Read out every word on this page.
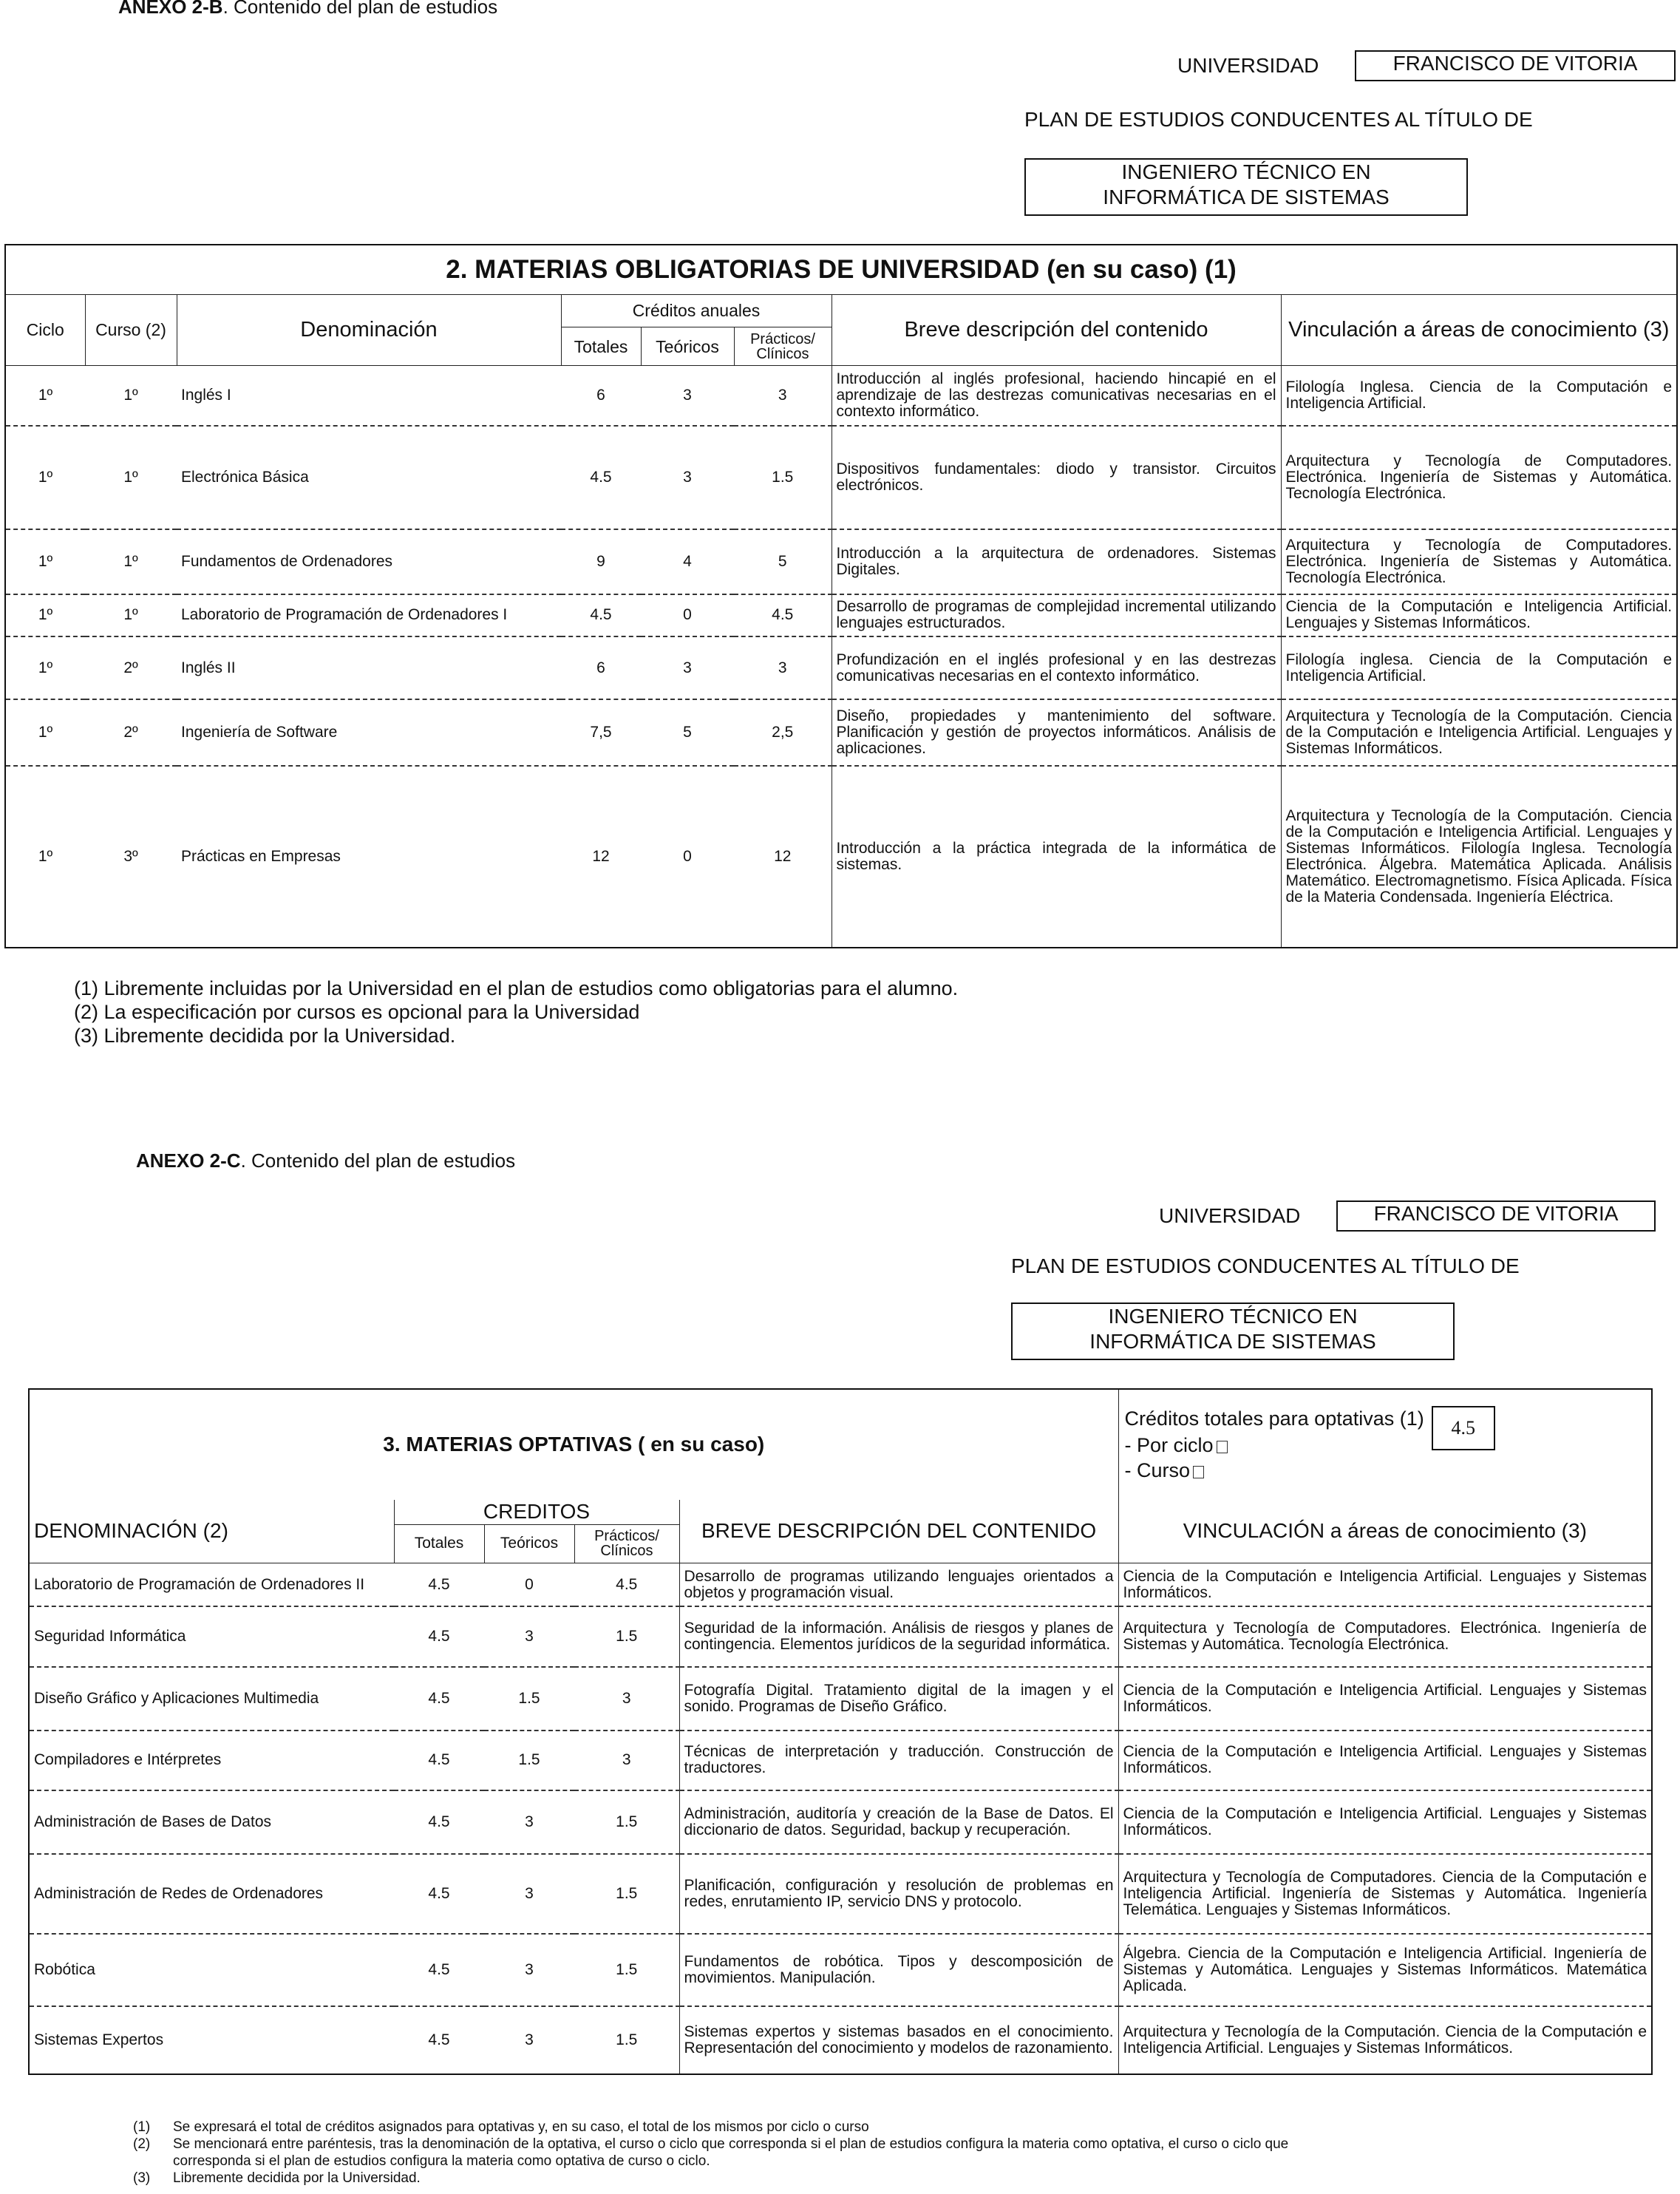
ANEXO 2-B. Contenido del plan de estudios
UNIVERSIDAD	FRANCISCO DE VITORIA
PLAN DE ESTUDIOS CONDUCENTES AL TÍTULO DE
INGENIERO TÉCNICO EN
INFORMÁTICA DE SISTEMAS
2. MATERIAS OBLIGATORIAS DE UNIVERSIDAD (en su caso) (1)							
Ciclo	Curso (2)	Denominación	Créditos anuales			Breve descripción del contenido	Vinculación a áreas de conocimiento (3)
			Totales	Teóricos	Prácticos/ Clínicos		
1º	1º	Inglés I	6	3	3	Introducción al inglés profesional, haciendo hincapié en el aprendizaje de las destrezas comunicativas necesarias en el contexto informático.	Filología Inglesa. Ciencia de la Computación e Inteligencia Artificial.
1º	1º	Electrónica Básica	4.5	3	1.5	Dispositivos fundamentales: diodo y transistor. Circuitos electrónicos.	Arquitectura y Tecnología de Computadores. Electrónica. Ingeniería de Sistemas y Automática. Tecnología Electrónica.
1º	1º	Fundamentos de Ordenadores	9	4	5	Introducción a la arquitectura de ordenadores. Sistemas Digitales.	Arquitectura y Tecnología de Computadores. Electrónica. Ingeniería de Sistemas y Automática. Tecnología Electrónica.
1º	1º	Laboratorio de Programación de Ordenadores I	4.5	0	4.5	Desarrollo de programas de complejidad incremental utilizando lenguajes estructurados.	Ciencia de la Computación e Inteligencia Artificial. Lenguajes y Sistemas Informáticos.
1º	2º	Inglés II	6	3	3	Profundización en el inglés profesional y en las destrezas comunicativas necesarias en el contexto informático.	Filología inglesa. Ciencia de la Computación e Inteligencia Artificial.
1º	2º	Ingeniería de Software	7,5	5	2,5	Diseño, propiedades y mantenimiento del software. Planificación y gestión de proyectos informáticos. Análisis de aplicaciones.	Arquitectura y Tecnología de la Computación. Ciencia de la Computación e Inteligencia Artificial. Lenguajes y Sistemas Informáticos.
1º	3º	Prácticas en Empresas	12	0	12	Introducción a la práctica integrada de la informática de sistemas.	Arquitectura y Tecnología de la Computación. Ciencia de la Computación e Inteligencia Artificial. Lenguajes y Sistemas Informáticos. Filología Inglesa. Tecnología Electrónica. Álgebra. Matemática Aplicada. Análisis Matemático. Electromagnetismo. Física Aplicada. Física de la Materia Condensada. Ingeniería Eléctrica.
(1) Libremente incluidas por la Universidad en el plan de estudios como obligatorias para el alumno.
(2) La especificación por cursos es opcional para la Universidad
(3) Libremente decidida por la Universidad.
ANEXO 2-C. Contenido del plan de estudios
UNIVERSIDAD	FRANCISCO DE VITORIA
PLAN DE ESTUDIOS CONDUCENTES AL TÍTULO DE
INGENIERO TÉCNICO EN
INFORMÁTICA DE SISTEMAS
3. MATERIAS OPTATIVAS ( en su caso)					Créditos totales para optativas (1) 4.5
- Por ciclo
- Curso

DENOMINACIÓN (2)	CREDITOS			BREVE DESCRIPCIÓN DEL CONTENIDO	VINCULACIÓN a áreas de conocimiento (3)
	Totales	Teóricos	Prácticos/ Clínicos		
Laboratorio de Programación de Ordenadores II	4.5	0	4.5	Desarrollo de programas utilizando lenguajes orientados a objetos y programación visual.	Ciencia de la Computación e Inteligencia Artificial. Lenguajes y Sistemas Informáticos.
Seguridad Informática	4.5	3	1.5	Seguridad de la información. Análisis de riesgos y planes de contingencia. Elementos jurídicos de la seguridad informática.	Arquitectura y Tecnología de Computadores. Electrónica. Ingeniería de Sistemas y Automática. Tecnología Electrónica.
Diseño Gráfico y Aplicaciones Multimedia	4.5	1.5	3	Fotografía Digital. Tratamiento digital de la imagen y el sonido. Programas de Diseño Gráfico.	Ciencia de la Computación e Inteligencia Artificial. Lenguajes y Sistemas Informáticos.
Compiladores e Intérpretes	4.5	1.5	3	Técnicas de interpretación y traducción. Construcción de traductores.	Ciencia de la Computación e Inteligencia Artificial. Lenguajes y Sistemas Informáticos.
Administración de Bases de Datos	4.5	3	1.5	Administración, auditoría y creación de la Base de Datos. El diccionario de datos. Seguridad, backup y recuperación.	Ciencia de la Computación e Inteligencia Artificial. Lenguajes y Sistemas Informáticos.
Administración de Redes de Ordenadores	4.5	3	1.5	Planificación, configuración y resolución de problemas en redes, enrutamiento IP, servicio DNS y protocolo.	Arquitectura y Tecnología de Computadores. Ciencia de la Computación e Inteligencia Artificial. Ingeniería de Sistemas y Automática. Ingeniería Telemática. Lenguajes y Sistemas Informáticos.
Robótica	4.5	3	1.5	Fundamentos de robótica. Tipos y descomposición de movimientos. Manipulación.	Álgebra. Ciencia de la Computación e Inteligencia Artificial. Ingeniería de Sistemas y Automática. Lenguajes y Sistemas Informáticos. Matemática Aplicada.
Sistemas Expertos	4.5	3	1.5	Sistemas expertos y sistemas basados en el conocimiento. Representación del conocimiento y modelos de razonamiento.	Arquitectura y Tecnología de la Computación. Ciencia de la Computación e Inteligencia Artificial. Lenguajes y Sistemas Informáticos.
(1) Se expresará el total de créditos asignados para optativas y, en su caso, el total de los mismos por ciclo o curso
(2) Se mencionará entre paréntesis, tras la denominación de la optativa, el curso o ciclo que corresponda si el plan de estudios configura la materia como optativa, el curso o ciclo que
corresponda si el plan de estudios configura la materia como optativa de curso o ciclo.
(3) Libremente decidida por la Universidad.
